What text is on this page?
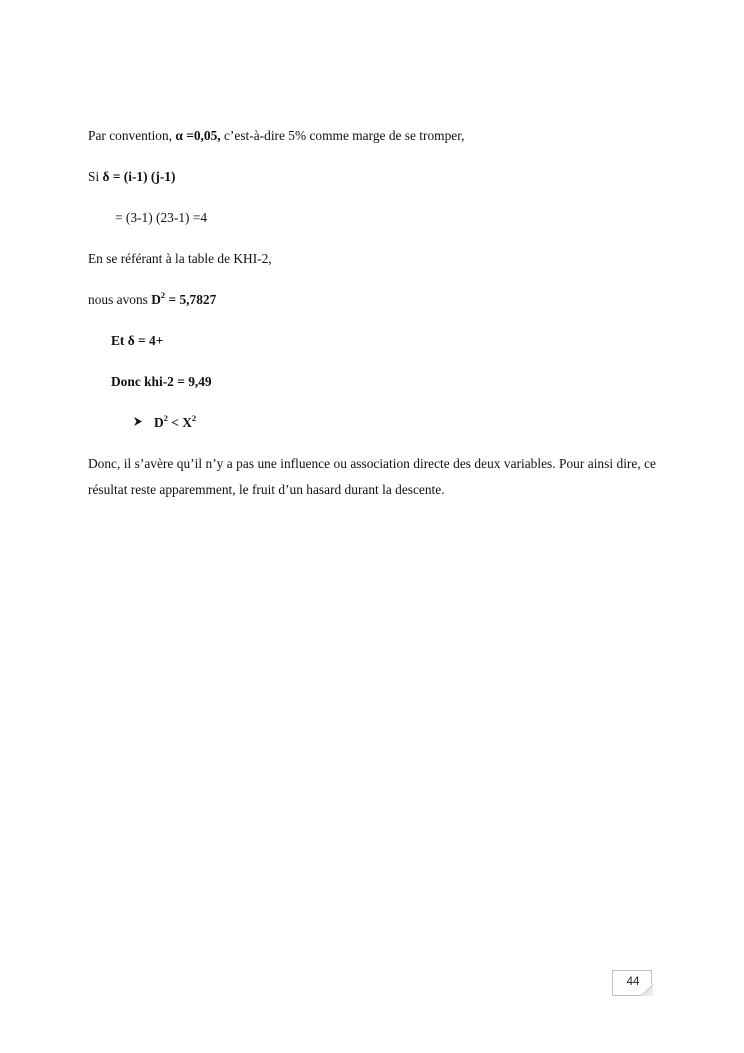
Par convention, α =0,05, c’est-à-dire 5% comme marge de se tromper,
Si δ = (i-1) (j-1)
= (3-1) (23-1) =4
En se référant à la table de KHI-2,
nous avons $D^2 = 5,7827$
Et δ = 4+
Donc khi-2 = 9,49
$D^2 < X^2$
Donc, il s’avère qu’il n’y a pas une influence ou association directe des deux variables. Pour ainsi dire, ce résultat reste apparemment, le fruit d’un hasard durant la descente.
44
